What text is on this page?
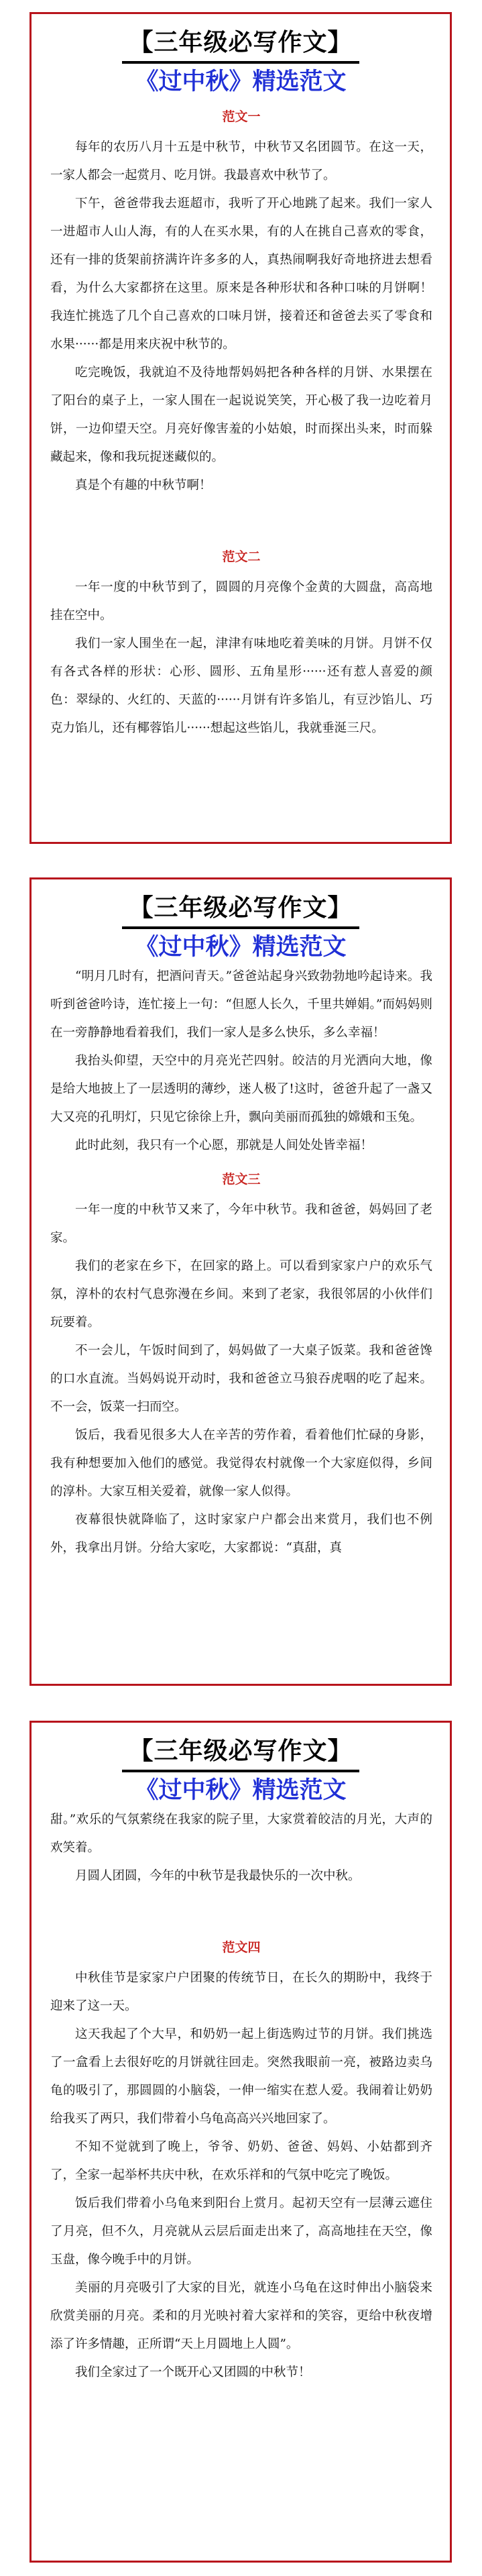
【三年级必写作文】
《过中秋》精选范文
范文一

每年的农历八月十五是中秋节，中秋节又名团圆节。在这一天，一家人都会一起赏月、吃月饼。我最喜欢中秋节了。

下午，爸爸带我去逛超市，我听了开心地跳了起来。我们一家人一进超市人山人海，有的人在买水果，有的人在挑自己喜欢的零食，还有一排的货架前挤满许许多多的人，真热闹啊我好奇地挤进去想看看，为什么大家都挤在这里。原来是各种形状和各种口味的月饼啊！我连忙挑选了几个自己喜欢的口味月饼，接着还和爸爸去买了零食和水果······都是用来庆祝中秋节的。

吃完晚饭，我就迫不及待地帮妈妈把各种各样的月饼、水果摆在了阳台的桌子上，一家人围在一起说说笑笑，开心极了我一边吃着月饼，一边仰望天空。月亮好像害羞的小姑娘，时而探出头来，时而躲藏起来，像和我玩捉迷藏似的。

真是个有趣的中秋节啊！

范文二

一年一度的中秋节到了，圆圆的月亮像个金黄的大圆盘，高高地挂在空中。

我们一家人围坐在一起，津津有味地吃着美味的月饼。月饼不仅有各式各样的形状：心形、圆形、五角星形······还有惹人喜爱的颜色：翠绿的、火红的、天蓝的······月饼有许多馅儿，有豆沙馅儿、巧克力馅儿，还有椰蓉馅儿······想起这些馅儿，我就垂涎三尺。

【三年级必写作文】
《过中秋》精选范文

“明月几时有，把酒问青天。”爸爸站起身兴致勃勃地吟起诗来。我听到爸爸吟诗，连忙接上一句：“但愿人长久，千里共婵娟。”而妈妈则在一旁静静地看着我们，我们一家人是多么快乐，多么幸福！

我抬头仰望，天空中的月亮光芒四射。皎洁的月光洒向大地，像是给大地披上了一层透明的薄纱，迷人极了!这时，爸爸升起了一盏又大又亮的孔明灯，只见它徐徐上升，飘向美丽而孤独的嫦娥和玉兔。

此时此刻，我只有一个心愿，那就是人间处处皆幸福！

范文三

一年一度的中秋节又来了，今年中秋节。我和爸爸，妈妈回了老家。

我们的老家在乡下，在回家的路上。可以看到家家户户的欢乐气氛，淳朴的农村气息弥漫在乡间。来到了老家，我很邻居的小伙伴们玩要着。

不一会儿，午饭时间到了，妈妈做了一大桌子饭菜。我和爸爸馋的口水直流。当妈妈说开动时，我和爸爸立马狼吞虎咽的吃了起来。不一会，饭菜一扫而空。

饭后，我看见很多大人在辛苦的劳作着，看着他们忙碌的身影，我有种想要加入他们的感觉。我觉得农村就像一个大家庭似得，乡间的淳朴。大家互相关爱着，就像一家人似得。

夜幕很快就降临了，这时家家户户都会出来赏月，我们也不例外，我拿出月饼。分给大家吃，大家都说：“真甜，真

【三年级必写作文】
《过中秋》精选范文

甜。”欢乐的气氛萦绕在我家的院子里，大家赏着皎洁的月光，大声的欢笑着。

月圆人团圆，今年的中秋节是我最快乐的一次中秋。

范文四

中秋佳节是家家户户团聚的传统节日，在长久的期盼中，我终于迎来了这一天。

这天我起了个大早，和奶奶一起上街选购过节的月饼。我们挑选了一盒看上去很好吃的月饼就往回走。突然我眼前一亮，被路边卖乌龟的吸引了，那圆圆的小脑袋，一伸一缩实在惹人爱。我闹着让奶奶给我买了两只，我们带着小乌龟高高兴兴地回家了。

不知不觉就到了晚上，爷爷、奶奶、爸爸、妈妈、小姑都到齐了，全家一起举杯共庆中秋，在欢乐祥和的气氛中吃完了晚饭。

饭后我们带着小乌龟来到阳台上赏月。起初天空有一层薄云遮住了月亮，但不久，月亮就从云层后面走出来了，高高地挂在天空，像玉盘，像今晚手中的月饼。

美丽的月亮吸引了大家的目光，就连小乌龟在这时伸出小脑袋来欣赏美丽的月亮。柔和的月光映衬着大家祥和的笑容，更给中秋夜增添了许多情趣，正所谓“天上月圆地上人圆”。

我们全家过了一个既开心又团圆的中秋节！
